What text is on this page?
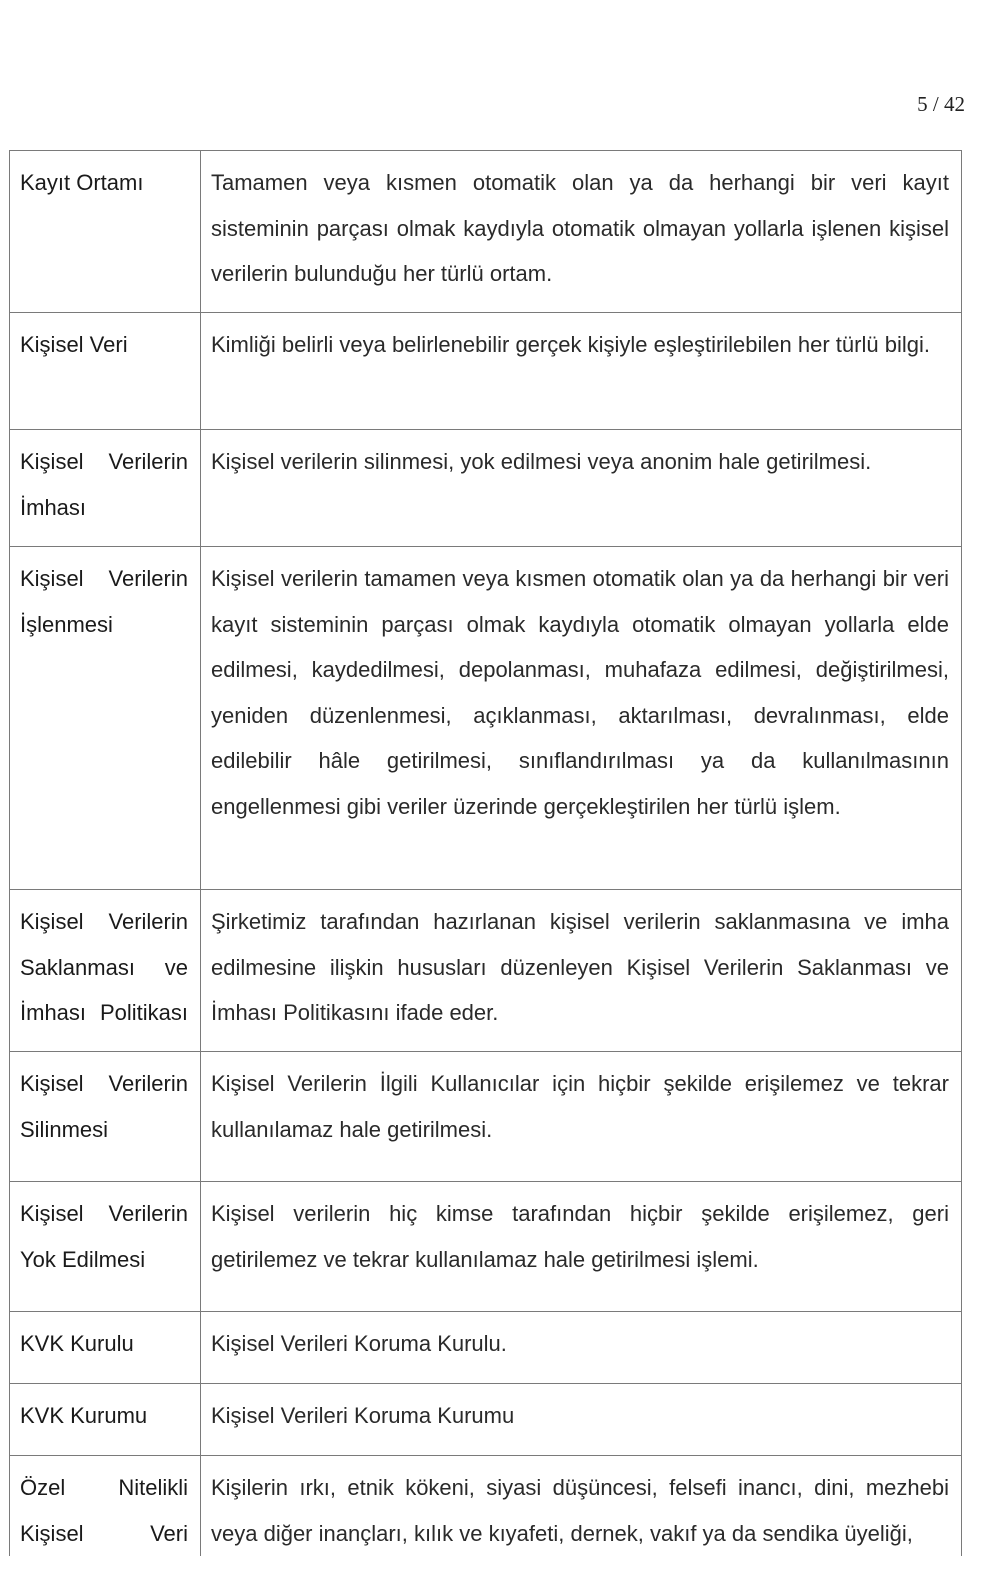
5 / 42
Kayıt Ortamı	Tamamen veya kısmen otomatik olan ya da herhangi bir veri kayıt sisteminin parçası olmak kaydıyla otomatik olmayan yollarla işlenen kişisel verilerin bulunduğu her türlü ortam.
Kişisel Veri	Kimliği belirli veya belirlenebilir gerçek kişiyle eşleştirilebilen her türlü bilgi.
Kişisel Verilerin İmhası	Kişisel verilerin silinmesi, yok edilmesi veya anonim hale getirilmesi.
Kişisel Verilerin İşlenmesi	Kişisel verilerin tamamen veya kısmen otomatik olan ya da herhangi bir veri kayıt sisteminin parçası olmak kaydıyla otomatik olmayan yollarla elde edilmesi, kaydedilmesi, depolanması, muhafaza edilmesi, değiştirilmesi, yeniden düzenlenmesi, açıklanması, aktarılması, devralınması, elde edilebilir hâle getirilmesi, sınıflandırılması ya da kullanılmasının engellenmesi gibi veriler üzerinde gerçekleştirilen her türlü işlem.
Kişisel Verilerin Saklanması ve İmhası Politikası	Şirketimiz tarafından hazırlanan kişisel verilerin saklanmasına ve imha edilmesine ilişkin hususları düzenleyen Kişisel Verilerin Saklanması ve İmhası Politikasını ifade eder.
Kişisel Verilerin Silinmesi	Kişisel Verilerin İlgili Kullanıcılar için hiçbir şekilde erişilemez ve tekrar kullanılamaz hale getirilmesi.
Kişisel Verilerin Yok Edilmesi	Kişisel verilerin hiç kimse tarafından hiçbir şekilde erişilemez, geri getirilemez ve tekrar kullanılamaz hale getirilmesi işlemi.
KVK Kurulu	Kişisel Verileri Koruma Kurulu.
KVK Kurumu	Kişisel Verileri Koruma Kurumu
Özel Nitelikli Kişisel Veri	Kişilerin ırkı, etnik kökeni, siyasi düşüncesi, felsefi inancı, dini, mezhebi veya diğer inançları, kılık ve kıyafeti, dernek, vakıf ya da sendika üyeliği,
